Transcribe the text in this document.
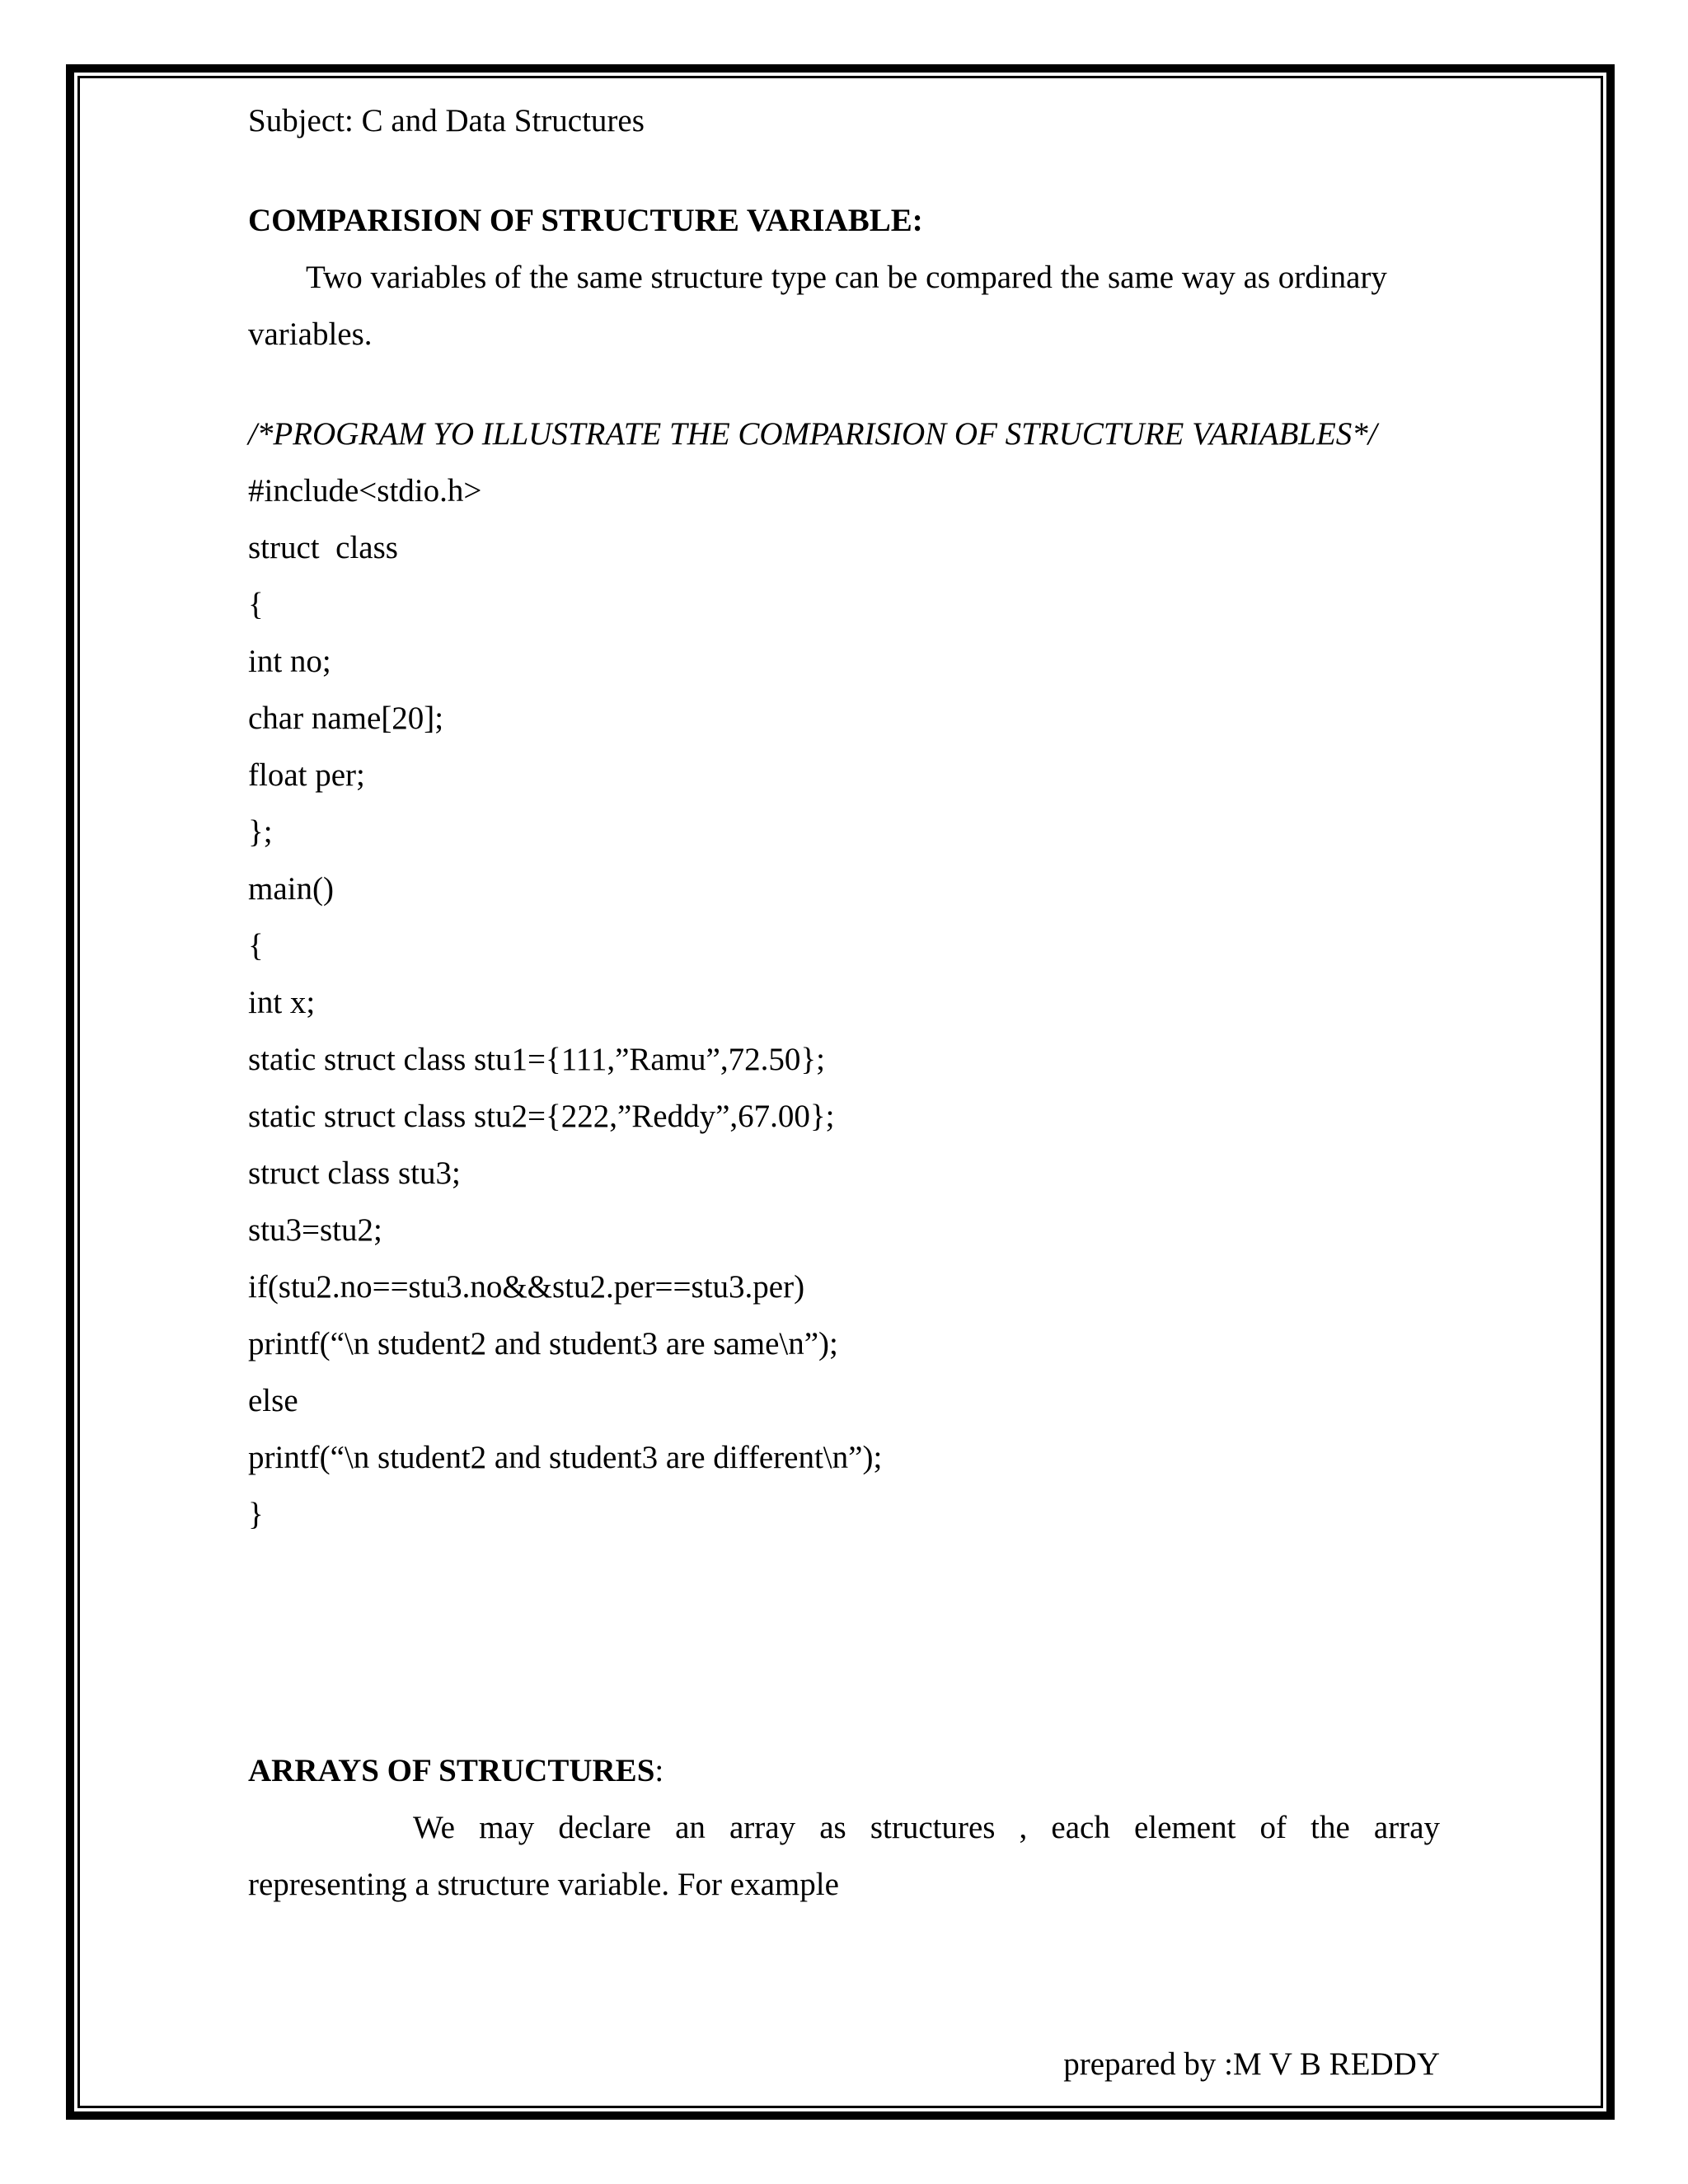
Subject: C and Data Structures
COMPARISION OF STRUCTURE VARIABLE:
Two variables of the same structure type can be compared the same way as ordinary
variables.
/*PROGRAM YO ILLUSTRATE THE COMPARISION OF STRUCTURE VARIABLES*/
#include<stdio.h>
struct  class
{
int no;
char name[20];
float per;
};
main()
{
int x;
static struct class stu1={111,”Ramu”,72.50};
static struct class stu2={222,”Reddy”,67.00};
struct class stu3;
stu3=stu2;
if(stu2.no==stu3.no&&stu2.per==stu3.per)
printf(“\n student2 and student3 are same\n”);
else
printf(“\n student2 and student3 are different\n”);
}
ARRAYS OF STRUCTURES:
We may declare an array as structures , each element of the array
representing a structure variable. For example
prepared by :M V B REDDY
